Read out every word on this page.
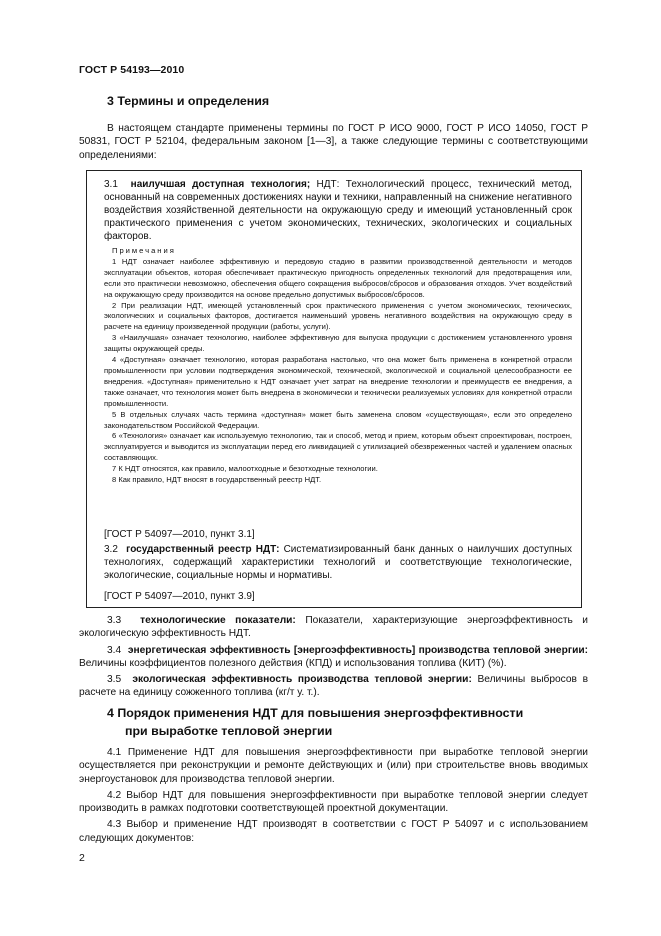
ГОСТ Р 54193—2010
3 Термины и определения

В настоящем стандарте применены термины по ГОСТ Р ИСО 9000, ГОСТ Р ИСО 14050, ГОСТ Р 50831, ГОСТ Р 52104, федеральным законом [1—3], а также следующие термины с соответствующими определениями:

3.1 наилучшая доступная технология; НДТ: Технологический процесс, технический метод, основанный на современных достижениях науки и техники, направленный на снижение негативного воздействия хозяйственной деятельности на окружающую среду и имеющий установленный срок практического применения с учетом экономических, технических, экологических и социальных факторов.

Примечания

1 НДТ означает наиболее эффективную и передовую стадию в развитии производственной деятельности и методов эксплуатации объектов, которая обеспечивает практическую пригодность определенных технологий для предотвращения или, если это практически невозможно, обеспечения общего сокращения выбросов/сбросов и образования отходов. Учет воздействий на окружающую среду производится на основе предельно допустимых выбросов/сбросов.

2 При реализации НДТ, имеющей установленный срок практического применения с учетом экономических, технических, экологических и социальных факторов, достигается наименьший уровень негативного воздействия на окружающую среду в расчете на единицу произведенной продукции (работы, услуги).

3 «Наилучшая» означает технологию, наиболее эффективную для выпуска продукции с достижением установленного уровня защиты окружающей среды.

4 «Доступная» означает технологию, которая разработана настолько, что она может быть применена в конкретной отрасли промышленности при условии подтверждения экономической, технической, экологической и социальной целесообразности ее внедрения. «Доступная» применительно к НДТ означает учет затрат на внедрение технологии и преимуществ ее внедрения, а также означает, что технология может быть внедрена в экономически и технически реализуемых условиях для конкретной отрасли промышленности.

5 В отдельных случаях часть термина «доступная» может быть заменена словом «существующая», если это определено законодательством Российской Федерации.

6 «Технология» означает как используемую технологию, так и способ, метод и прием, которым объект спроектирован, построен, эксплуатируется и выводится из эксплуатации перед его ликвидацией с утилизацией обезвреженных частей и удалением опасных составляющих.

7 К НДТ относятся, как правило, малоотходные и безотходные технологии.

8 Как правило, НДТ вносят в государственный реестр НДТ.

[ГОСТ Р 54097—2010, пункт 3.1]

3.2 государственный реестр НДТ: Систематизированный банк данных о наилучших доступных технологиях, содержащий характеристики технологий и соответствующие технологические, экологические, социальные нормы и нормативы.

[ГОСТ Р 54097—2010, пункт 3.9]

3.3 технологические показатели: Показатели, характеризующие энергоэффективность и экологическую эффективность НДТ.

3.4 энергетическая эффективность [энергоэффективность] производства тепловой энергии: Величины коэффициентов полезного действия (КПД) и использования топлива (КИТ) (%).

3.5 экологическая эффективность производства тепловой энергии: Величины выбросов в расчете на единицу сожженного топлива (кг/т у. т.).

4 Порядок применения НДТ для повышения энергоэффективности
при выработке тепловой энергии

4.1 Применение НДТ для повышения энергоэффективности при выработке тепловой энергии осуществляется при реконструкции и ремонте действующих и (или) при строительстве вновь вводимых энергоустановок для производства тепловой энергии.

4.2 Выбор НДТ для повышения энергоэффективности при выработке тепловой энергии следует производить в рамках подготовки соответствующей проектной документации.

4.3 Выбор и применение НДТ производят в соответствии с ГОСТ Р 54097 и с использованием следующих документов:

2
